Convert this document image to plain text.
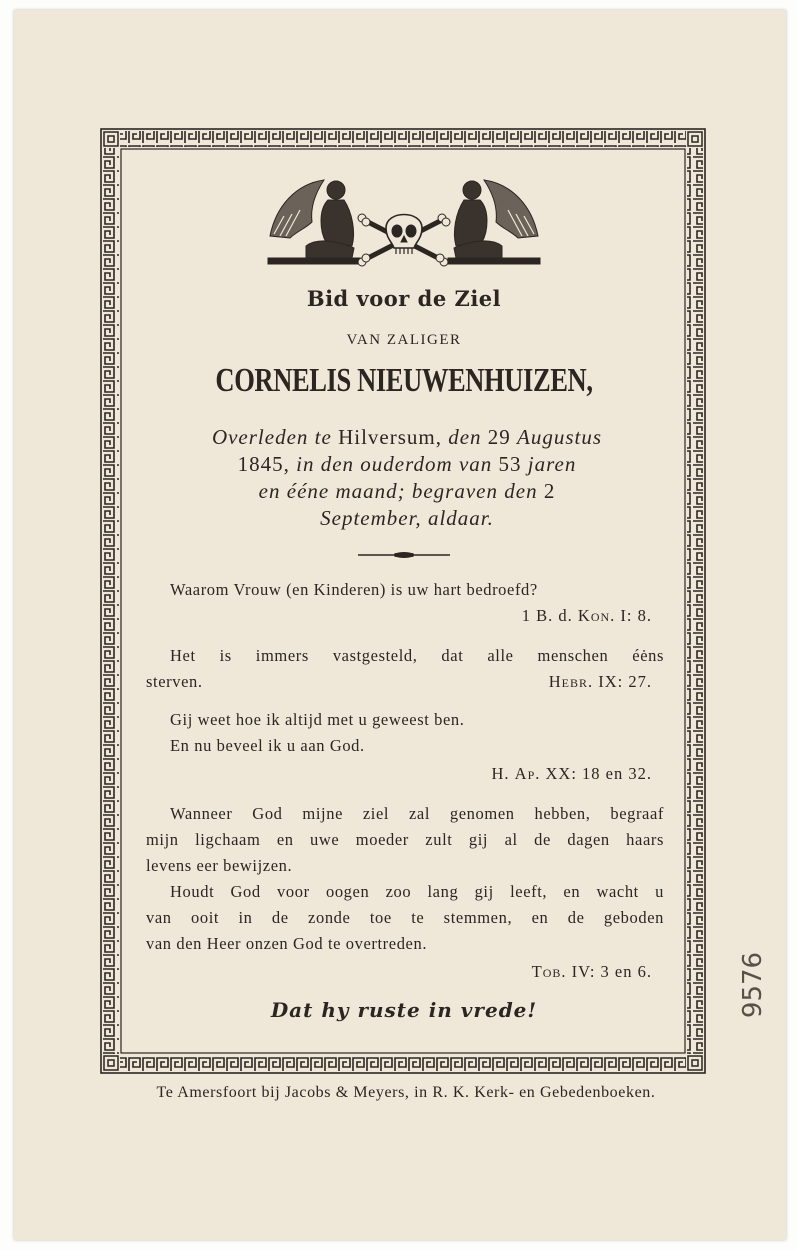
Bid voor de Ziel
VAN ZALIGER
CORNELIS NIEUWENHUIZEN,
Overleden te Hilversum, den 29 Augustus
1845, in den ouderdom van 53 jaren
en ééne maand; begraven den 2
September, aldaar.
Waarom Vrouw (en Kinderen) is uw hart bedroefd?
1 B. d. Kon. I: 8.
Het is immers vastgesteld, dat alle menschen éėns
sterven.	Hebr. IX: 27.
Gij weet hoe ik altijd met u geweest ben.
En nu beveel ik u aan God.
H. Ap. XX: 18 en 32.
Wanneer God mijne ziel zal genomen hebben, begraaf
mijn ligchaam en uwe moeder zult gij al de dagen haars
levens eer bewijzen.
Houdt God voor oogen zoo lang gij leeft, en wacht u
van ooit in de zonde toe te stemmen, en de geboden
van den Heer onzen God te overtreden.
Tob. IV: 3 en 6.
Dat hy ruste in vrede!
Te Amersfoort bij Jacobs & Meyers, in R. K. Kerk- en Gebedenboeken.
9576
